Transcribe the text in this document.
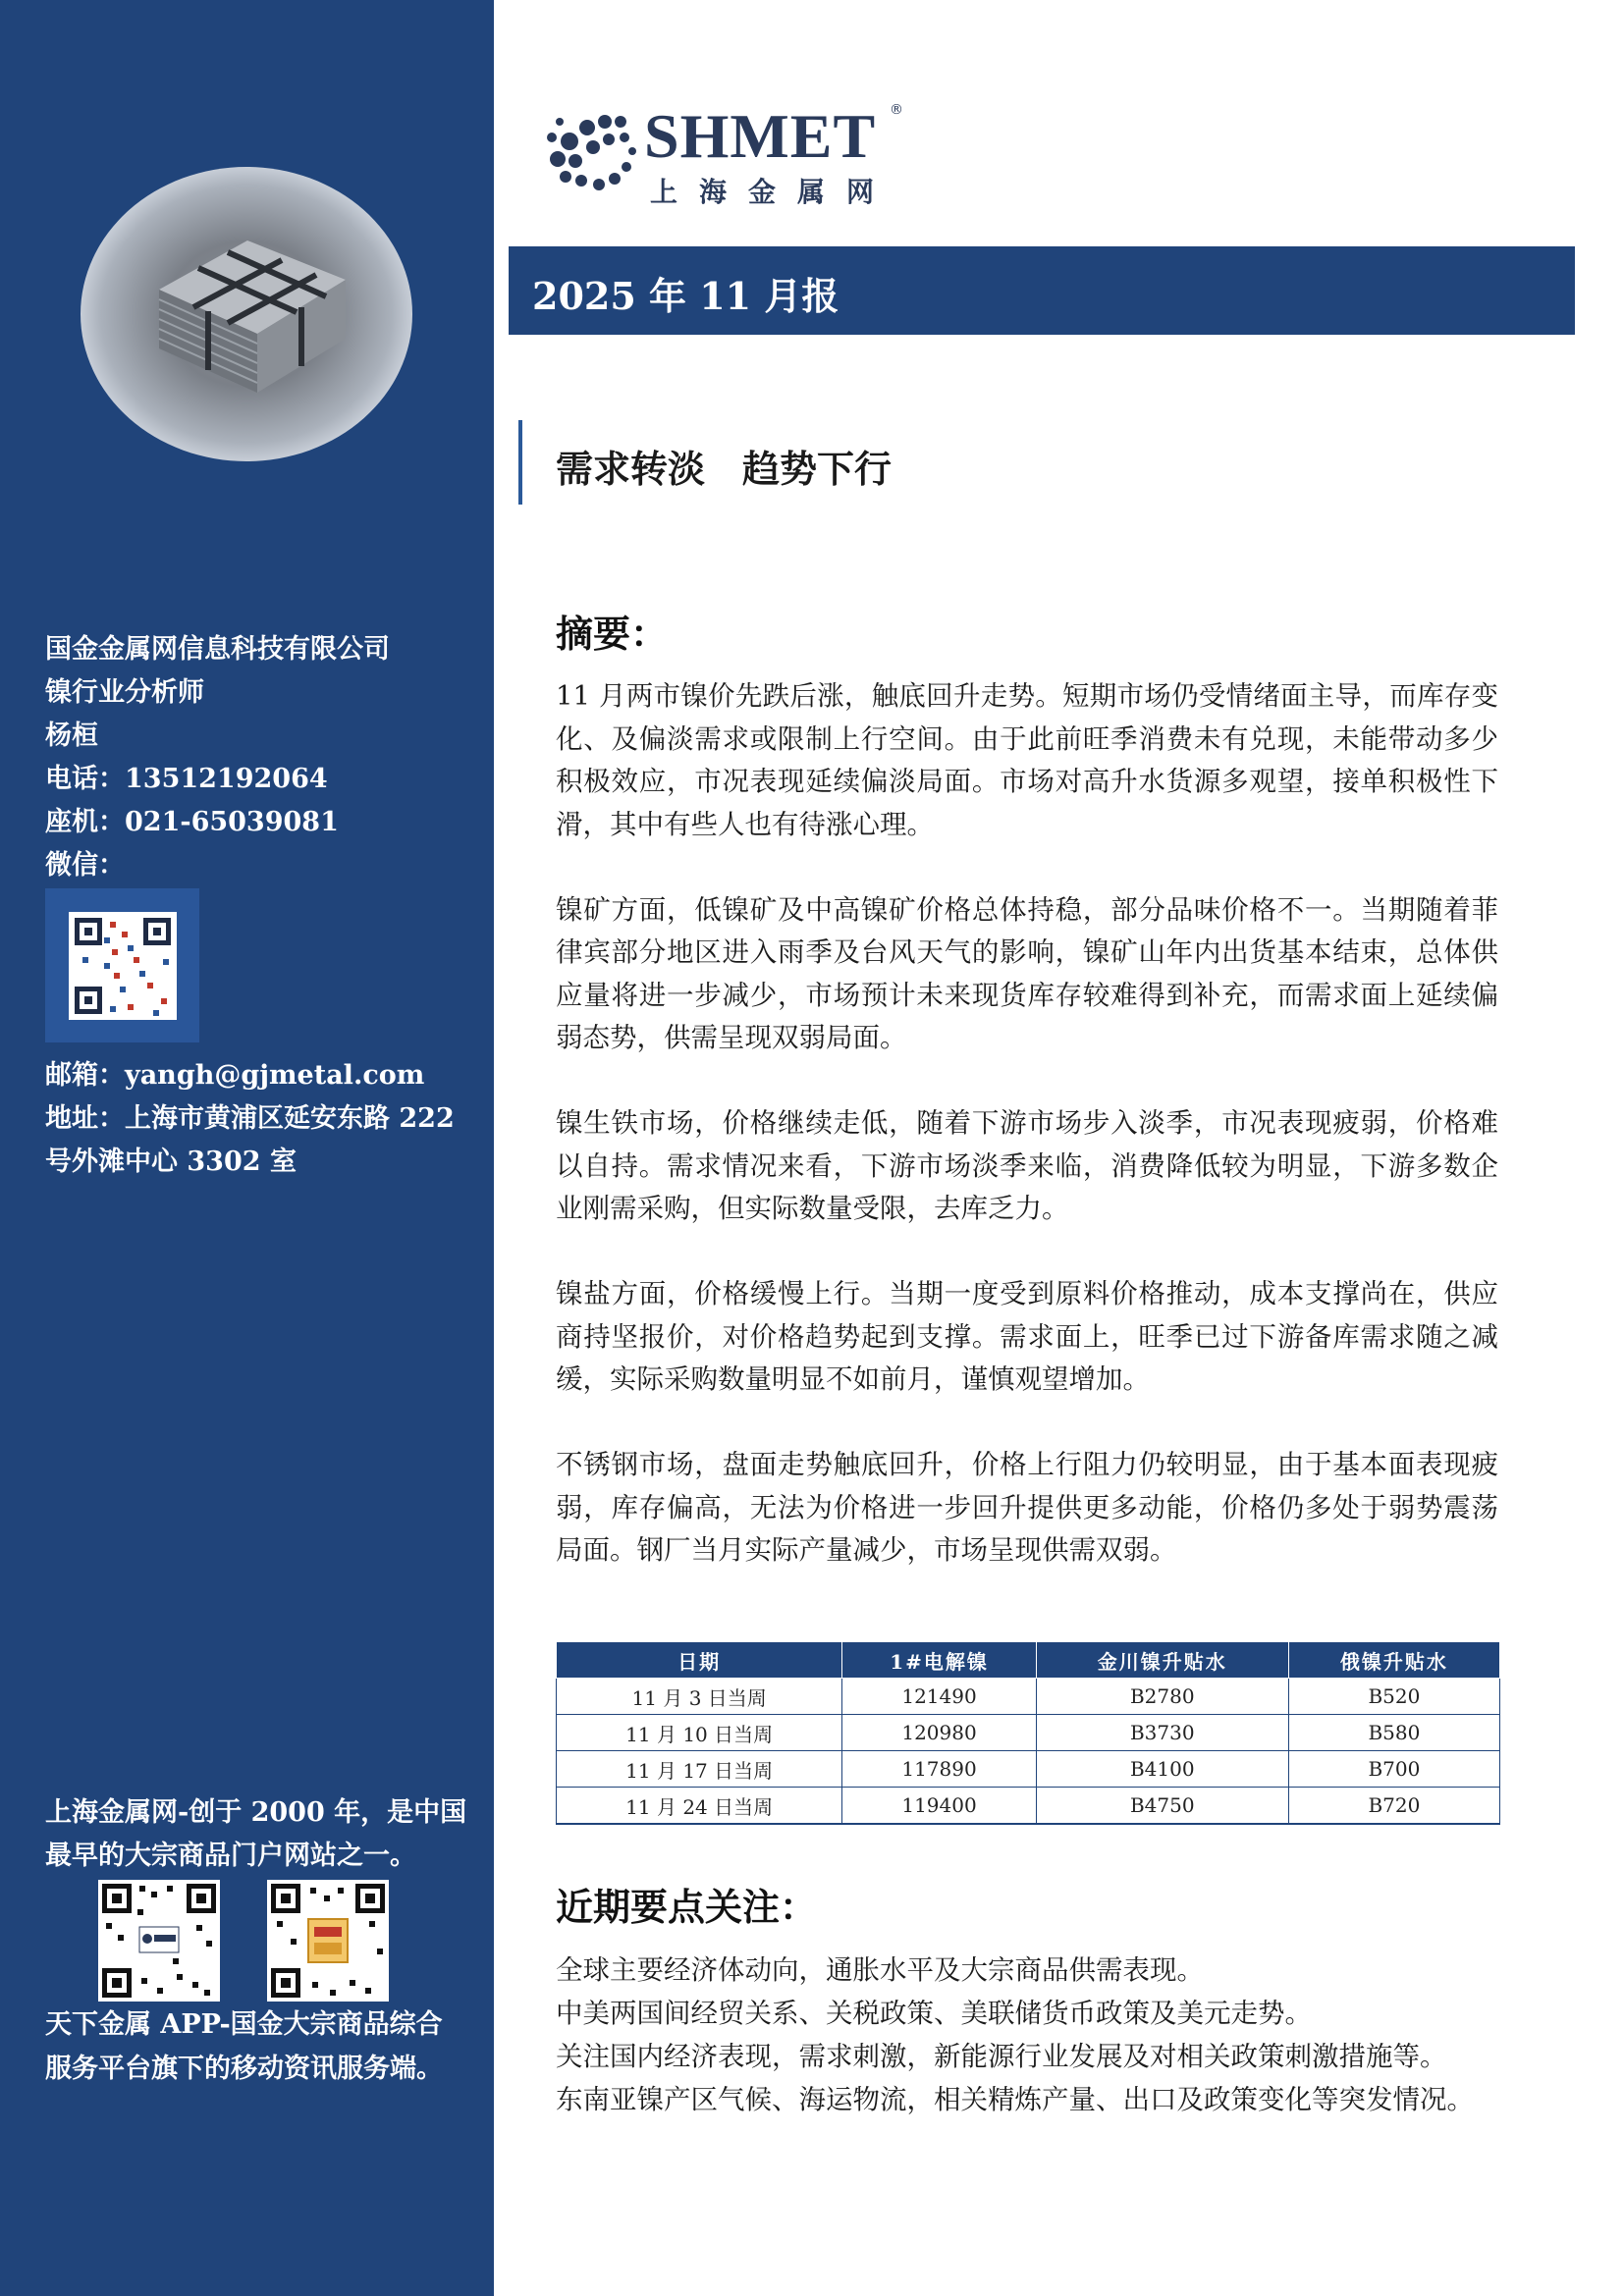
国金金属网信息科技有限公司
镍行业分析师
杨桓
电话：13512192064
座机：021-65039081
微信：
邮箱：yangh@gjmetal.com
地址：上海市黄浦区延安东路 222 号外滩中心 3302 室
上海金属网-创于 2000 年，是中国最早的大宗商品门户网站之一。
天下金属 APP-国金大宗商品综合服务平台旗下的移动资讯服务端。
SHMET ®
上海金属网
2025 年 11 月报
需求转淡　趋势下行
摘要：

11 月两市镍价先跌后涨，触底回升走势。短期市场仍受情绪面主导，而库存变化、及偏淡需求或限制上行空间。由于此前旺季消费未有兑现，未能带动多少积极效应，市况表现延续偏淡局面。市场对高升水货源多观望，接单积极性下滑，其中有些人也有待涨心理。

镍矿方面，低镍矿及中高镍矿价格总体持稳，部分品味价格不一。当期随着菲律宾部分地区进入雨季及台风天气的影响，镍矿山年内出货基本结束，总体供应量将进一步减少，市场预计未来现货库存较难得到补充，而需求面上延续偏弱态势，供需呈现双弱局面。

镍生铁市场，价格继续走低，随着下游市场步入淡季，市况表现疲弱，价格难以自持。需求情况来看，下游市场淡季来临，消费降低较为明显，下游多数企业刚需采购，但实际数量受限，去库乏力。

镍盐方面，价格缓慢上行。当期一度受到原料价格推动，成本支撑尚在，供应商持坚报价，对价格趋势起到支撑。需求面上，旺季已过下游备库需求随之减缓，实际采购数量明显不如前月，谨慎观望增加。

不锈钢市场，盘面走势触底回升，价格上行阻力仍较明显，由于基本面表现疲弱，库存偏高，无法为价格进一步回升提供更多动能，价格仍多处于弱势震荡局面。钢厂当月实际产量减少，市场呈现供需双弱。

日期	1#电解镍	金川镍升贴水	俄镍升贴水
11 月 3 日当周	121490	B2780	B520
11 月 10 日当周	120980	B3730	B580
11 月 17 日当周	117890	B4100	B700
11 月 24 日当周	119400	B4750	B720
近期要点关注：
全球主要经济体动向，通胀水平及大宗商品供需表现。
中美两国间经贸关系、关税政策、美联储货币政策及美元走势。
关注国内经济表现，需求刺激，新能源行业发展及对相关政策刺激措施等。
东南亚镍产区气候、海运物流，相关精炼产量、出口及政策变化等突发情况。
